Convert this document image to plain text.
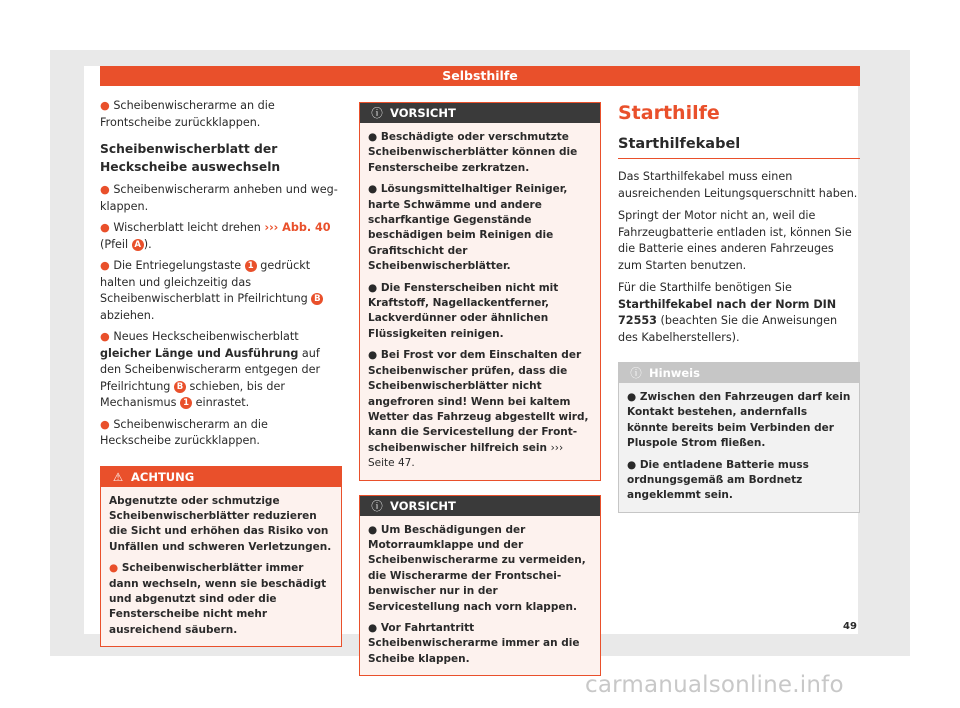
Selbsthilfe

● Scheibenwischerarme an die Frontscheibe zurückklappen.

Scheibenwischerblatt der Heckscheibe auswechseln

● Scheibenwischerarm anheben und wegklappen.

● Wischerblatt leicht drehen ››› Abb. 40 (Pfeil A ).

● Die Entriegelungstaste 1 gedrückt halten und gleichzeitig das Scheibenwischerblatt in Pfeilrichtung B abziehen.

● Neues Heckscheibenwischerblatt gleicher Länge und Ausführung auf den Scheibenwischerarm entgegen der Pfeilrichtung B schieben, bis der Mechanismus 1 einrastet.

● Scheibenwischerarm an die Heckscheibe zurückklappen.

⚠ ACHTUNG

Abgenutzte oder schmutzige Scheibenwischerblätter reduzieren die Sicht und erhöhen das Risiko von Unfällen und schweren Verletzungen.

● Scheibenwischerblätter immer dann wechseln, wenn sie beschädigt und abgenutzt sind oder die Fensterscheibe nicht mehr ausreichend säubern.

ⓘ VORSICHT

● Beschädigte oder verschmutzte Scheibenwischerblätter können die Fensterscheibe zerkratzen.

● Lösungsmittelhaltiger Reiniger, harte Schwämme und andere scharfkantige Gegenstände beschädigen beim Reinigen die Grafitschicht der Scheibenwischerblätter.

● Die Fensterscheiben nicht mit Kraftstoff, Nagellackentferner, Lackverdünner oder ähnlichen Flüssigkeiten reinigen.

● Bei Frost vor dem Einschalten der Scheibenwischer prüfen, dass die Scheibenwischerblätter nicht angefroren sind! Wenn bei kaltem Wetter das Fahrzeug abgestellt wird, kann die Servicestellung der Frontscheibenwischer hilfreich sein ››› Seite 47.

ⓘ VORSICHT

● Um Beschädigungen der Motorraumklappe und der Scheibenwischerarme zu vermeiden, die Wischerarme der Frontscheibenwischer nur in der Servicestellung nach vorn klappen.

● Vor Fahrtantritt Scheibenwischerarme immer an die Scheibe klappen.

Starthilfe
Starthilfekabel

Das Starthilfekabel muss einen ausreichenden Leitungsquerschnitt haben.

Springt der Motor nicht an, weil die Fahrzeugbatterie entladen ist, können Sie die Batterie eines anderen Fahrzeuges zum Starten benutzen.

Für die Starthilfe benötigen Sie Starthilfekabel nach der Norm DIN 72553 (beachten Sie die Anweisungen des Kabelherstellers).

ⓘ Hinweis

● Zwischen den Fahrzeugen darf kein Kontakt bestehen, andernfalls könnte bereits beim Verbinden der Pluspole Strom fließen.

● Die entladene Batterie muss ordnungsgemäß am Bordnetz angeklemmt sein.

49
carmanualsonline.info
